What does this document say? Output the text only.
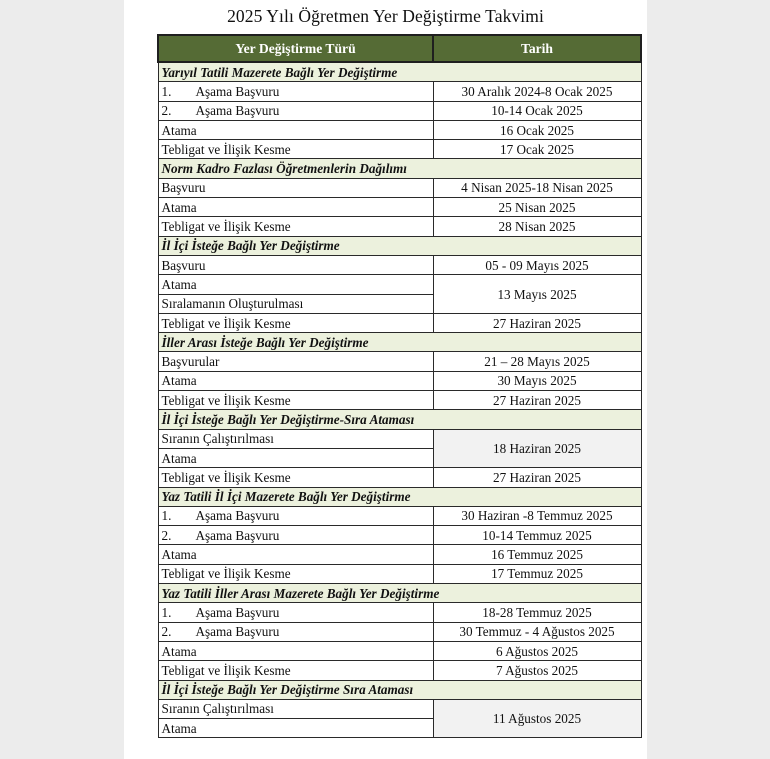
2025 Yılı Öğretmen Yer Değiştirme Takvimi
Yer Değiştirme Türü	Tarih
Yarıyıl Tatili Mazerete Bağlı Yer Değiştirme	
1. Aşama Başvuru	30 Aralık 2024-8 Ocak 2025
2. Aşama Başvuru	10-14 Ocak 2025
Atama	16 Ocak 2025
Tebligat ve İlişik Kesme	17 Ocak 2025
Norm Kadro Fazlası Öğretmenlerin Dağılımı	
Başvuru	4 Nisan 2025-18 Nisan 2025
Atama	25 Nisan 2025
Tebligat ve İlişik Kesme	28 Nisan 2025
İl İçi İsteğe Bağlı Yer Değiştirme	
Başvuru	05 - 09 Mayıs 2025
Atama	13 Mayıs 2025
Sıralamanın Oluşturulması	
Tebligat ve İlişik Kesme	27 Haziran 2025
İller Arası İsteğe Bağlı Yer Değiştirme	
Başvurular	21 – 28 Mayıs 2025
Atama	30 Mayıs 2025
Tebligat ve İlişik Kesme	27 Haziran 2025
İl İçi İsteğe Bağlı Yer Değiştirme-Sıra Ataması	
Sıranın Çalıştırılması	18 Haziran 2025
Atama	
Tebligat ve İlişik Kesme	27 Haziran 2025
Yaz Tatili İl İçi Mazerete Bağlı Yer Değiştirme	
1. Aşama Başvuru	30 Haziran -8 Temmuz 2025
2. Aşama Başvuru	10-14 Temmuz 2025
Atama	16 Temmuz 2025
Tebligat ve İlişik Kesme	17 Temmuz 2025
Yaz Tatili İller Arası Mazerete Bağlı Yer Değiştirme	
1. Aşama Başvuru	18-28 Temmuz 2025
2. Aşama Başvuru	30 Temmuz - 4 Ağustos 2025
Atama	6 Ağustos 2025
Tebligat ve İlişik Kesme	7 Ağustos 2025
İl İçi İsteğe Bağlı Yer Değiştirme Sıra Ataması	
Sıranın Çalıştırılması	11 Ağustos 2025
Atama	
